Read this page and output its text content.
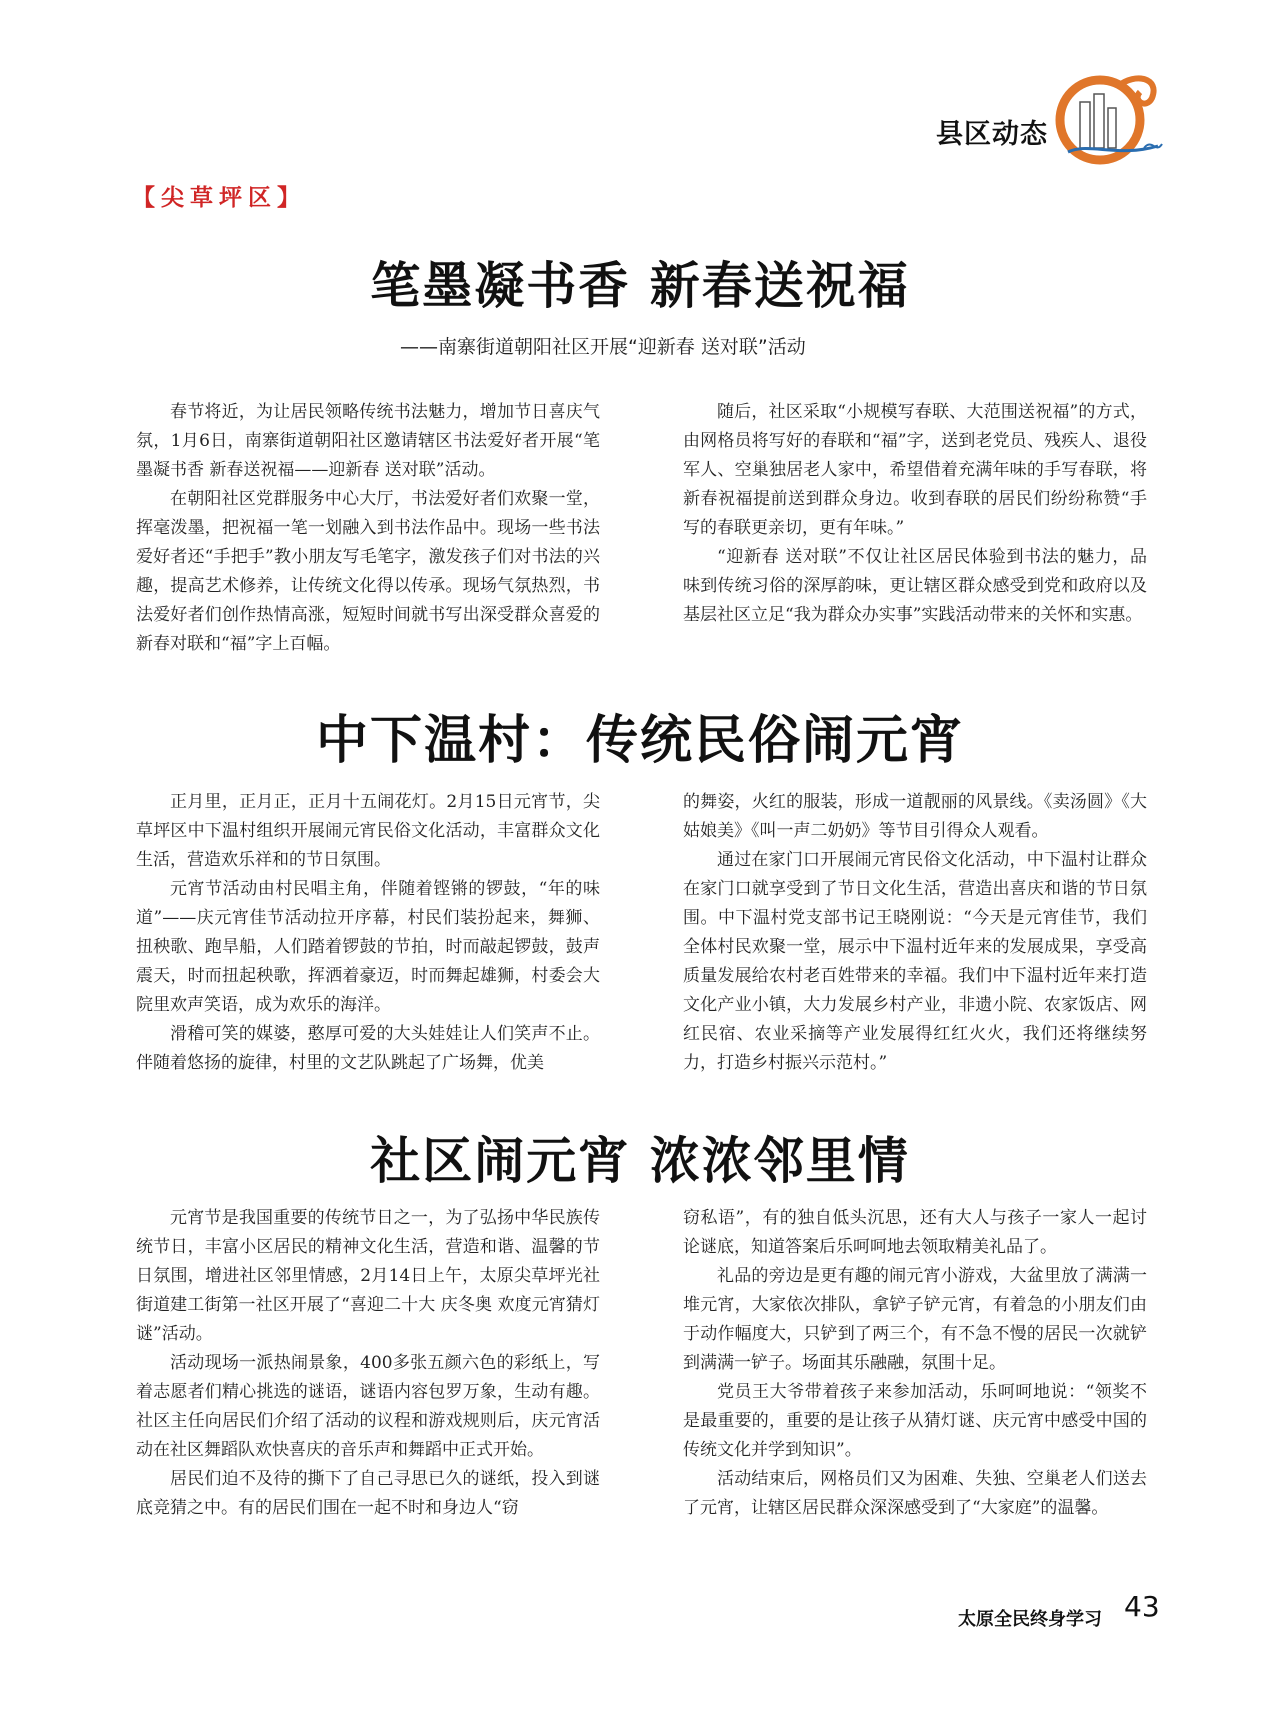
县区动态
【尖草坪区】
笔墨凝书香 新春送祝福
——南寨街道朝阳社区开展“迎新春 送对联”活动

春节将近，为让居民领略传统书法魅力，增加节日喜庆气氛，1月6日，南寨街道朝阳社区邀请辖区书法爱好者开展“笔墨凝书香 新春送祝福——迎新春 送对联”活动。

在朝阳社区党群服务中心大厅，书法爱好者们欢聚一堂，挥毫泼墨，把祝福一笔一划融入到书法作品中。现场一些书法爱好者还“手把手”教小朋友写毛笔字，激发孩子们对书法的兴趣，提高艺术修养，让传统文化得以传承。现场气氛热烈，书法爱好者们创作热情高涨，短短时间就书写出深受群众喜爱的新春对联和“福”字上百幅。

随后，社区采取“小规模写春联、大范围送祝福”的方式，由网格员将写好的春联和“福”字，送到老党员、残疾人、退役军人、空巢独居老人家中，希望借着充满年味的手写春联，将新春祝福提前送到群众身边。收到春联的居民们纷纷称赞“手写的春联更亲切，更有年味。”

“迎新春 送对联”不仅让社区居民体验到书法的魅力，品味到传统习俗的深厚韵味，更让辖区群众感受到党和政府以及基层社区立足“我为群众办实事”实践活动带来的关怀和实惠。

中下温村：传统民俗闹元宵

正月里，正月正，正月十五闹花灯。2月15日元宵节，尖草坪区中下温村组织开展闹元宵民俗文化活动，丰富群众文化生活，营造欢乐祥和的节日氛围。

元宵节活动由村民唱主角，伴随着铿锵的锣鼓，“年的味道”——庆元宵佳节活动拉开序幕，村民们装扮起来，舞狮、扭秧歌、跑旱船，人们踏着锣鼓的节拍，时而敲起锣鼓，鼓声震天，时而扭起秧歌，挥洒着豪迈，时而舞起雄狮，村委会大院里欢声笑语，成为欢乐的海洋。

滑稽可笑的媒婆，憨厚可爱的大头娃娃让人们笑声不止。伴随着悠扬的旋律，村里的文艺队跳起了广场舞，优美

的舞姿，火红的服装，形成一道靓丽的风景线。《卖汤圆》《大姑娘美》《叫一声二奶奶》等节目引得众人观看。

通过在家门口开展闹元宵民俗文化活动，中下温村让群众在家门口就享受到了节日文化生活，营造出喜庆和谐的节日氛围。中下温村党支部书记王晓刚说：“今天是元宵佳节，我们全体村民欢聚一堂，展示中下温村近年来的发展成果，享受高质量发展给农村老百姓带来的幸福。我们中下温村近年来打造文化产业小镇，大力发展乡村产业，非遗小院、农家饭店、网红民宿、农业采摘等产业发展得红红火火，我们还将继续努力，打造乡村振兴示范村。”

社区闹元宵 浓浓邻里情

元宵节是我国重要的传统节日之一，为了弘扬中华民族传统节日，丰富小区居民的精神文化生活，营造和谐、温馨的节日氛围，增进社区邻里情感，2月14日上午，太原尖草坪光社街道建工街第一社区开展了“喜迎二十大 庆冬奥 欢度元宵猜灯谜”活动。

活动现场一派热闹景象，400多张五颜六色的彩纸上，写着志愿者们精心挑选的谜语，谜语内容包罗万象，生动有趣。社区主任向居民们介绍了活动的议程和游戏规则后，庆元宵活动在社区舞蹈队欢快喜庆的音乐声和舞蹈中正式开始。

居民们迫不及待的撕下了自己寻思已久的谜纸，投入到谜底竞猜之中。有的居民们围在一起不时和身边人“窃

窃私语”，有的独自低头沉思，还有大人与孩子一家人一起讨论谜底，知道答案后乐呵呵地去领取精美礼品了。

礼品的旁边是更有趣的闹元宵小游戏，大盆里放了满满一堆元宵，大家依次排队，拿铲子铲元宵，有着急的小朋友们由于动作幅度大，只铲到了两三个，有不急不慢的居民一次就铲到满满一铲子。场面其乐融融，氛围十足。

党员王大爷带着孩子来参加活动，乐呵呵地说：“领奖不是最重要的，重要的是让孩子从猜灯谜、庆元宵中感受中国的传统文化并学到知识”。

活动结束后，网格员们又为困难、失独、空巢老人们送去了元宵，让辖区居民群众深深感受到了“大家庭”的温馨。

太原全民终身学习 43
